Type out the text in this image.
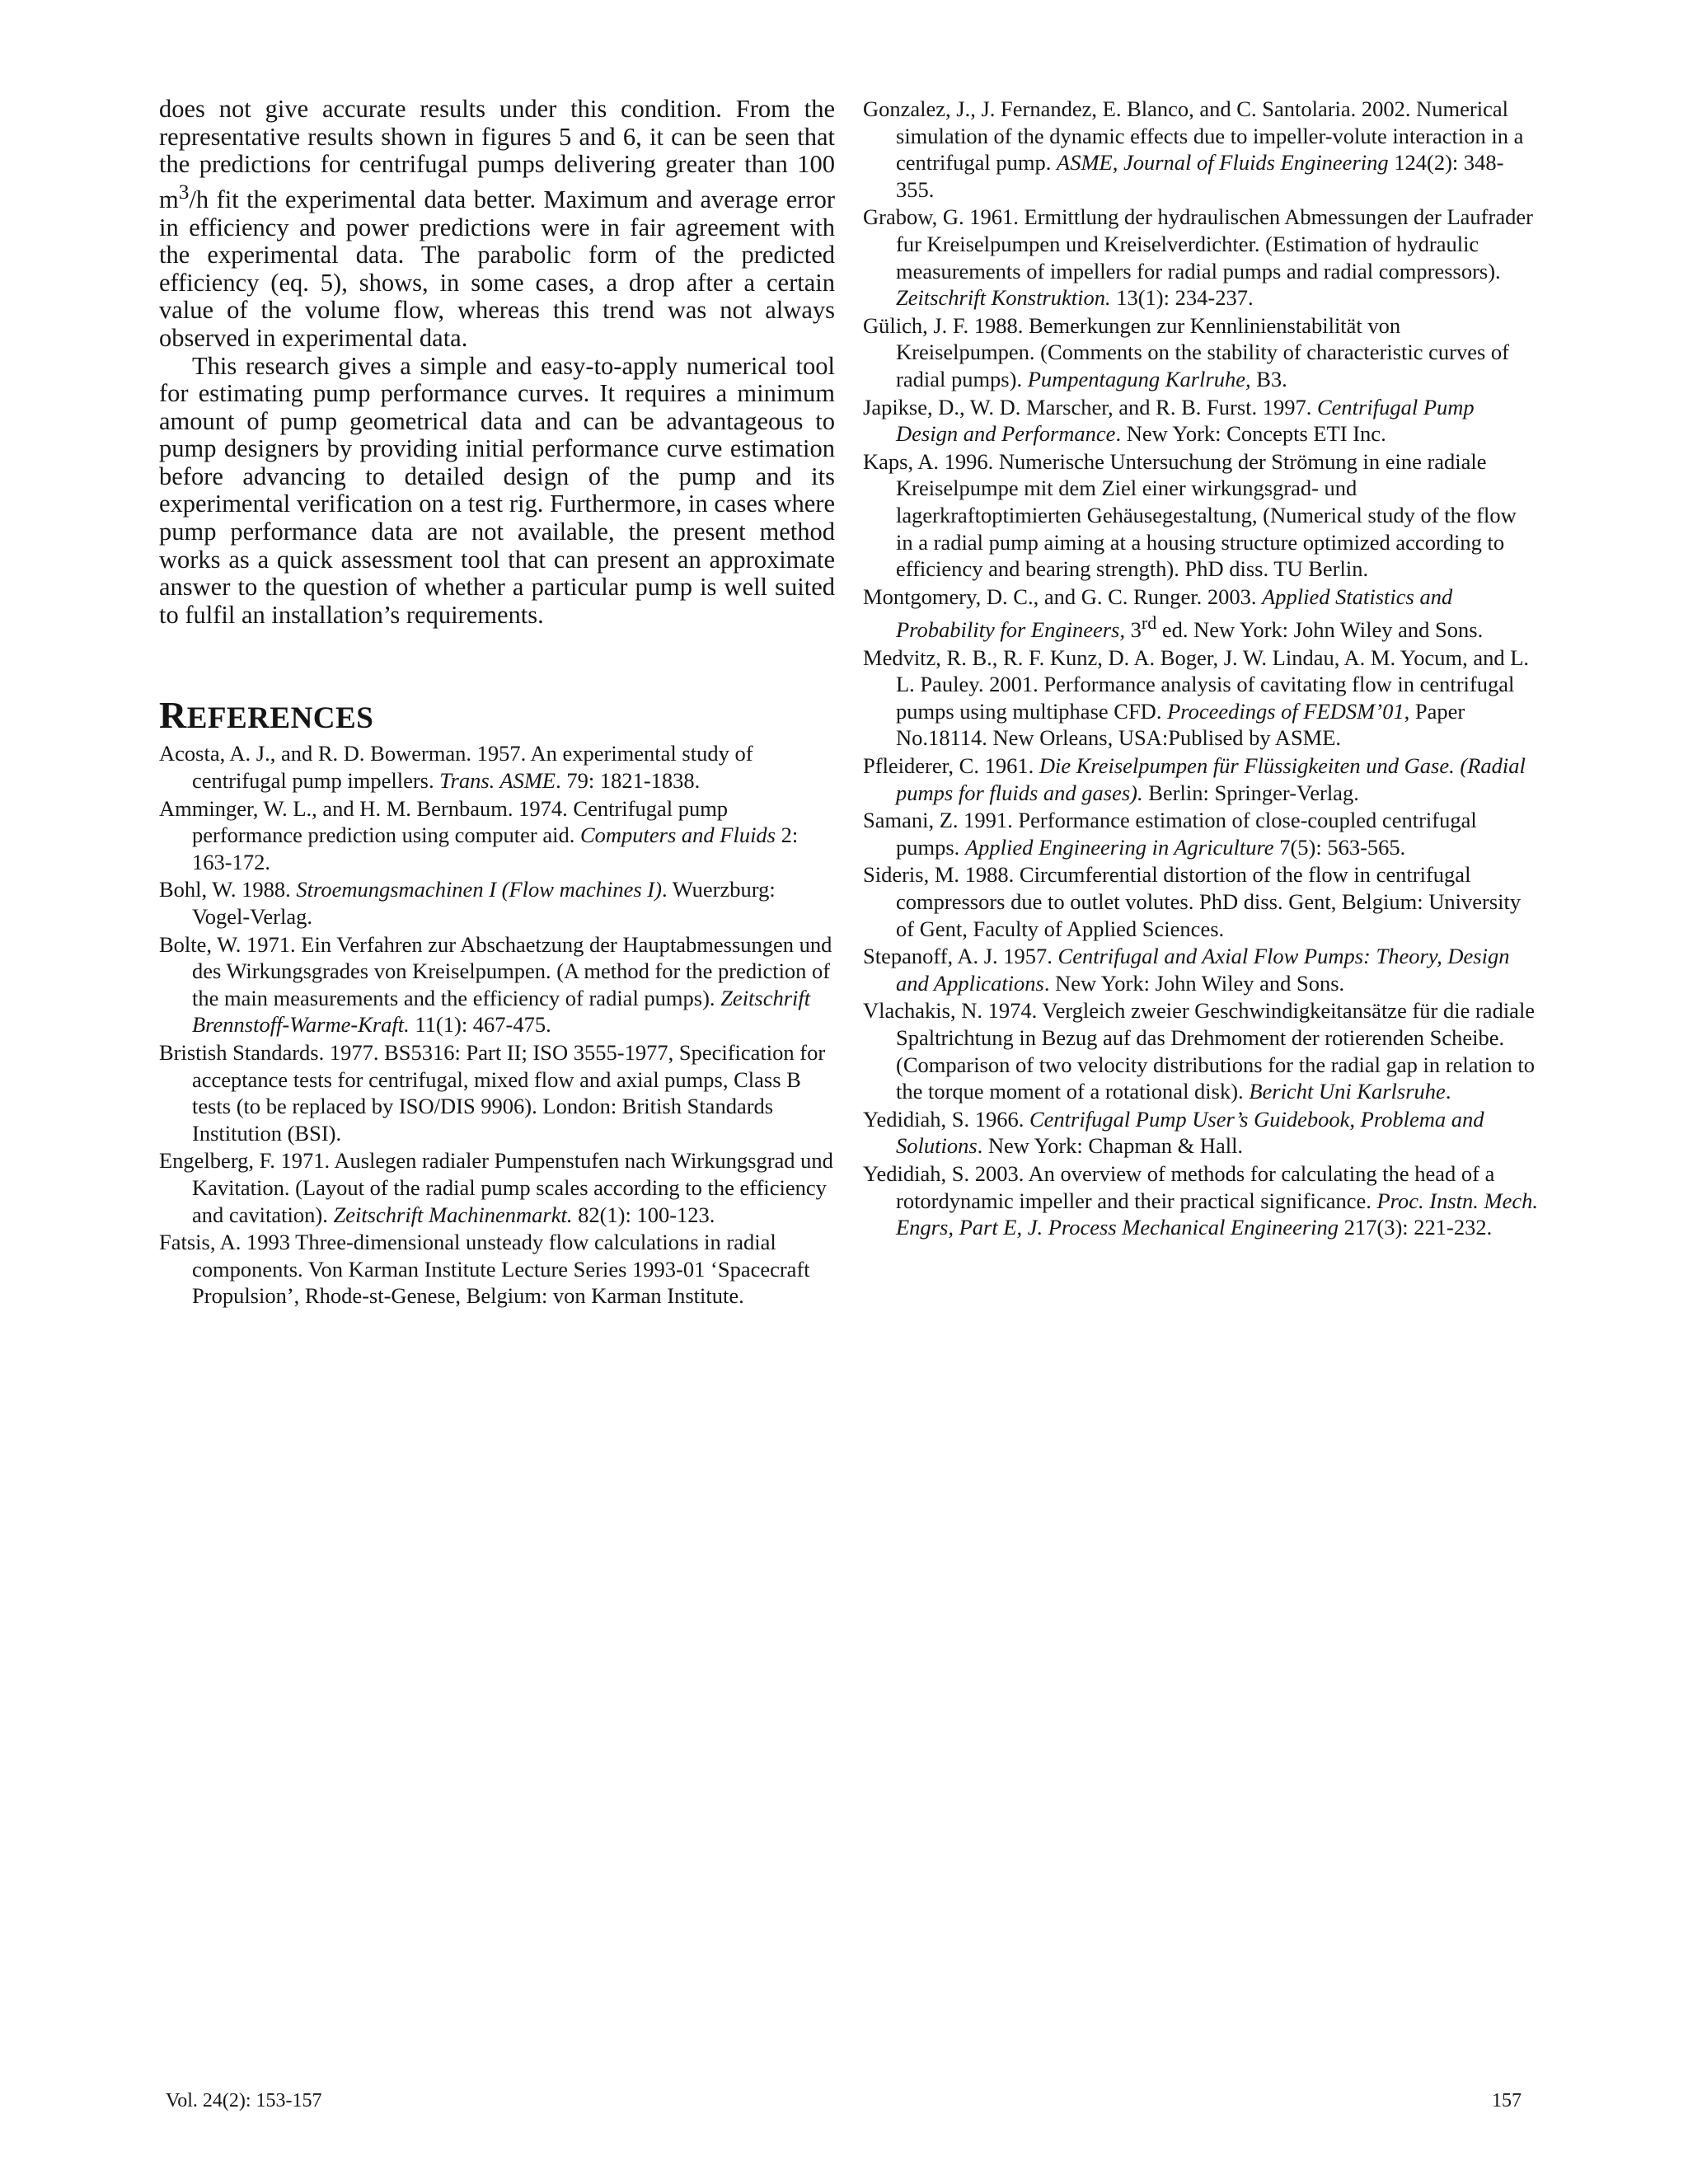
does not give accurate results under this condition. From the representative results shown in figures 5 and 6, it can be seen that the predictions for centrifugal pumps delivering greater than 100 $m^3/h$ fit the experimental data better. Maximum and average error in efficiency and power predictions were in fair agreement with the experimental data. The parabolic form of the predicted efficiency (eq. 5), shows, in some cases, a drop after a certain value of the volume flow, whereas this trend was not always observed in experimental data.

This research gives a simple and easy-to-apply numerical tool for estimating pump performance curves. It requires a minimum amount of pump geometrical data and can be advantageous to pump designers by providing initial performance curve estimation before advancing to detailed design of the pump and its experimental verification on a test rig. Furthermore, in cases where pump performance data are not available, the present method works as a quick assessment tool that can present an approximate answer to the question of whether a particular pump is well suited to fulfil an installation’s requirements.

REFERENCES
Acosta, A. J., and R. D. Bowerman. 1957. An experimental study of centrifugal pump impellers. Trans. ASME. 79: 1821-1838.
Amminger, W. L., and H. M. Bernbaum. 1974. Centrifugal pump performance prediction using computer aid. Computers and Fluids 2: 163-172.
Bohl, W. 1988. Stroemungsmachinen I (Flow machines I). Wuerzburg: Vogel-Verlag.
Bolte, W. 1971. Ein Verfahren zur Abschaetzung der Hauptabmessungen und des Wirkungsgrades von Kreiselpumpen. (A method for the prediction of the main measurements and the efficiency of radial pumps). Zeitschrift Brennstoff-Warme-Kraft. 11(1): 467-475.
Bristish Standards. 1977. BS5316: Part II; ISO 3555-1977, Specification for acceptance tests for centrifugal, mixed flow and axial pumps, Class B tests (to be replaced by ISO/DIS 9906). London: British Standards Institution (BSI).
Engelberg, F. 1971. Auslegen radialer Pumpenstufen nach Wirkungsgrad und Kavitation. (Layout of the radial pump scales according to the efficiency and cavitation). Zeitschrift Machinenmarkt. 82(1): 100-123.
Fatsis, A. 1993 Three-dimensional unsteady flow calculations in radial components. Von Karman Institute Lecture Series 1993-01 ‘Spacecraft Propulsion’, Rhode-st-Genese, Belgium: von Karman Institute.
Gonzalez, J., J. Fernandez, E. Blanco, and C. Santolaria. 2002. Numerical simulation of the dynamic effects due to impeller-volute interaction in a centrifugal pump. ASME, Journal of Fluids Engineering 124(2): 348-355.
Grabow, G. 1961. Ermittlung der hydraulischen Abmessungen der Laufrader fur Kreiselpumpen und Kreiselverdichter. (Estimation of hydraulic measurements of impellers for radial pumps and radial compressors). Zeitschrift Konstruktion. 13(1): 234-237.
Gülich, J. F. 1988. Bemerkungen zur Kennlinienstabilität von Kreiselpumpen. (Comments on the stability of characteristic curves of radial pumps). Pumpentagung Karlruhe, B3.
Japikse, D., W. D. Marscher, and R. B. Furst. 1997. Centrifugal Pump Design and Performance. New York: Concepts ETI Inc.
Kaps, A. 1996. Numerische Untersuchung der Strömung in eine radiale Kreiselpumpe mit dem Ziel einer wirkungsgrad- und lagerkraftoptimierten Gehäusegestaltung, (Numerical study of the flow in a radial pump aiming at a housing structure optimized according to efficiency and bearing strength). PhD diss. TU Berlin.
Montgomery, D. C., and G. C. Runger. 2003. Applied Statistics and Probability for Engineers, 3rd ed. New York: John Wiley and Sons.
Medvitz, R. B., R. F. Kunz, D. A. Boger, J. W. Lindau, A. M. Yocum, and L. L. Pauley. 2001. Performance analysis of cavitating flow in centrifugal pumps using multiphase CFD. Proceedings of FEDSM’01, Paper No.18114. New Orleans, USA:Publised by ASME.
Pfleiderer, C. 1961. Die Kreiselpumpen für Flüssigkeiten und Gase. (Radial pumps for fluids and gases). Berlin: Springer-Verlag.
Samani, Z. 1991. Performance estimation of close-coupled centrifugal pumps. Applied Engineering in Agriculture 7(5): 563-565.
Sideris, M. 1988. Circumferential distortion of the flow in centrifugal compressors due to outlet volutes. PhD diss. Gent, Belgium: University of Gent, Faculty of Applied Sciences.
Stepanoff, A. J. 1957. Centrifugal and Axial Flow Pumps: Theory, Design and Applications. New York: John Wiley and Sons.
Vlachakis, N. 1974. Vergleich zweier Geschwindigkeitansätze für die radiale Spaltrichtung in Bezug auf das Drehmoment der rotierenden Scheibe. (Comparison of two velocity distributions for the radial gap in relation to the torque moment of a rotational disk). Bericht Uni Karlsruhe.
Yedidiah, S. 1966. Centrifugal Pump User’s Guidebook, Problema and Solutions. New York: Chapman & Hall.
Yedidiah, S. 2003. An overview of methods for calculating the head of a rotordynamic impeller and their practical significance. Proc. Instn. Mech. Engrs, Part E, J. Process Mechanical Engineering 217(3): 221-232.
Vol. 24(2): 153-157	157
